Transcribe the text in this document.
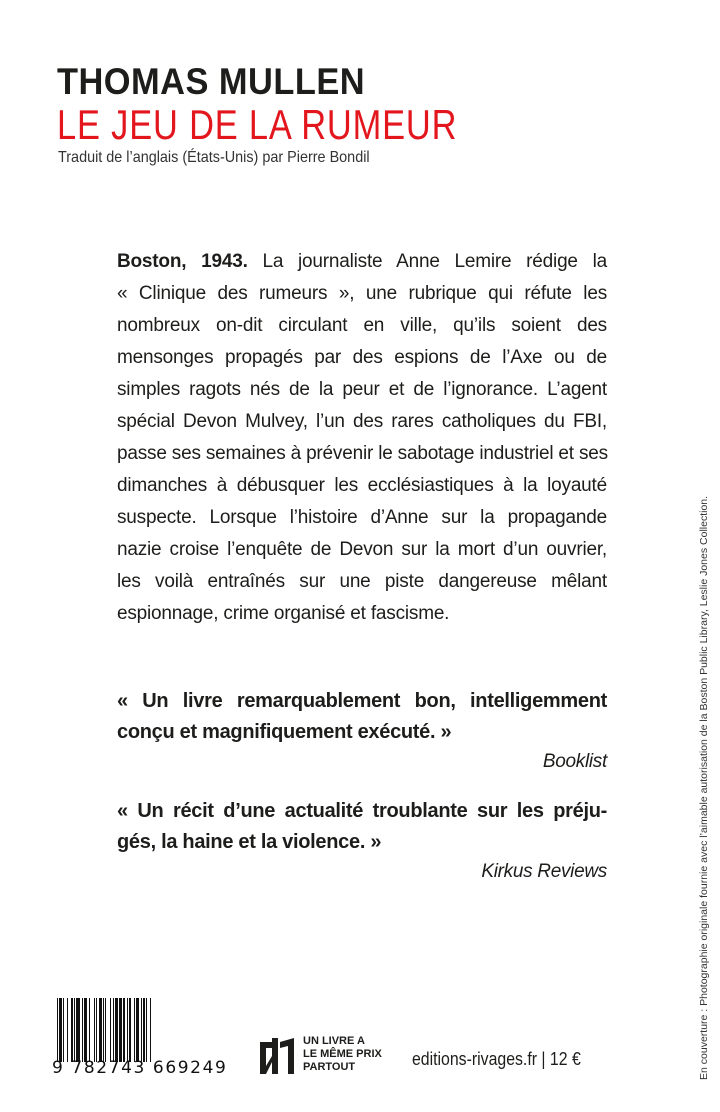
THOMAS MULLEN
LE JEU DE LA RUMEUR
Traduit de l’anglais (États-Unis) par Pierre Bondil
Boston, 1943. La journaliste Anne Lemire rédige la
« Clinique des rumeurs », une rubrique qui réfute les
nombreux on-dit circulant en ville, qu’ils soient des
mensonges propagés par des espions de l’Axe ou de
simples ragots nés de la peur et de l’ignorance. L’agent
spécial Devon Mulvey, l’un des rares catholiques du FBI,
passe ses semaines à prévenir le sabotage industriel et ses
dimanches à débusquer les ecclésiastiques à la loyauté
suspecte. Lorsque l’histoire d’Anne sur la propagande
nazie croise l’enquête de Devon sur la mort d’un ouvrier,
les voilà entraînés sur une piste dangereuse mêlant
espionnage, crime organisé et fascisme.
« Un livre remarquablement bon, intelligemment
conçu et magnifiquement exécuté. »
Booklist
« Un récit d’une actualité troublante sur les préju-
gés, la haine et la violence. »
Kirkus Reviews	En couverture : Photographie originale fournie avec l’aimable autorisation de la Boston Public Library, Leslie Jones Collection.
9 782743 669249
UN LIVRE A
LE MÊME PRIX
PARTOUT	editions-rivages.fr | 12 €
